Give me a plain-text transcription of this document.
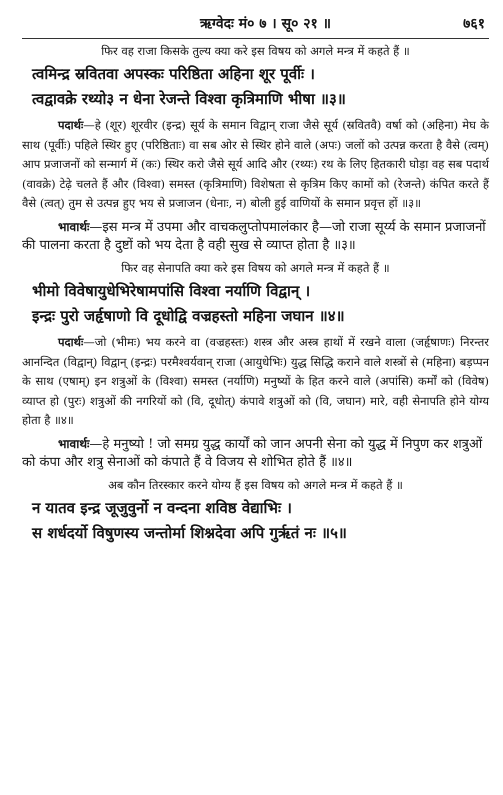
ऋग्वेदः मं० ७ । सू० २१ ॥	७६१

फिर वह राजा किसके तुल्य क्या करे इस विषय को अगले मन्त्र में कहते हैं ॥

त्वमिन्द्र स्रवितवा अपस्कः परिष्ठिता अहिना शूर पूर्वीः ।

त्वद्वावक्रे रथ्यो३ न धेना रेजन्ते विश्वा कृत्रिमाणि भीषा ॥३॥

पदार्थः—हे (शूर) शूरवीर (इन्द्र) सूर्य के समान विद्वान् राजा जैसे सूर्य (स्रवितवै) वर्षा को (अहिना) मेघ के साथ (पूर्वीः) पहिले स्थिर हुए (परिष्ठिताः) वा सब ओर से स्थिर होने वाले (अपः) जलों को उत्पन्न करता है वैसे (त्वम्) आप प्रजाजनों को सन्मार्ग में (कः) स्थिर करो जैसे सूर्य आदि और (रथ्यः) रथ के लिए हितकारी घोड़ा वह सब पदार्थ (वावक्रे) टेढ़े चलते हैं और (विश्वा) समस्त (कृत्रिमाणि) विशेषता से कृत्रिम किए कामों को (रेजन्ते) कंपित करते हैं वैसे (त्वत्) तुम से उत्पन्न हुए भय से प्रजाजन (धेनाः, न) बोली हुई वाणियों के समान प्रवृत्त हों ॥३॥

भावार्थः—इस मन्त्र में उपमा और वाचकलुप्तोपमालंकार है—जो राजा सूर्य्य के समान प्रजाजनों की पालना करता है दुष्टों को भय देता है वही सुख से व्याप्त होता है ॥३॥

फिर वह सेनापति क्या करे इस विषय को अगले मन्त्र में कहते हैं ॥

भीमो विवेषायुधेभिरेषामपांसि विश्वा नर्याणि विद्वान् ।

इन्द्रः पुरो जर्हृषाणो वि दूधोद्वि वज्रहस्तो महिना जघान ॥४॥

पदार्थः—जो (भीमः) भय करने वा (वज्रहस्तः) शस्त्र और अस्त्र हाथों में रखने वाला (जर्हृषाणः) निरन्तर आनन्दित (विद्वान्) विद्वान् (इन्द्रः) परमैश्वर्यवान् राजा (आयुधेभिः) युद्ध सिद्धि कराने वाले शस्त्रों से (महिना) बड़प्पन के साथ (एषाम्) इन शत्रुओं के (विश्वा) समस्त (नर्याणि) मनुष्यों के हित करने वाले (अपांसि) कर्मों को (विवेष) व्याप्त हो (पुरः) शत्रुओं की नगरियों को (वि, दूधोत्) कंपावे शत्रुओं को (वि, जघान) मारे, वही सेनापति होने योग्य होता है ॥४॥

भावार्थः—हे मनुष्यो ! जो समग्र युद्ध कार्यों को जान अपनी सेना को युद्ध में निपुण कर शत्रुओं को कंपा और शत्रु सेनाओं को कंपाते हैं वे विजय से शोभित होते हैं ॥४॥

अब कौन तिरस्कार करने योग्य हैं इस विषय को अगले मन्त्र में कहते हैं ॥

न यातव इन्द्र जूजुवुर्नो न वन्दना शविष्ठ वेद्याभिः ।

स शर्धदर्यो विषुणस्य जन्तोर्मा शिश्नदेवा अपि गुर्ऋतं नः ॥५॥
